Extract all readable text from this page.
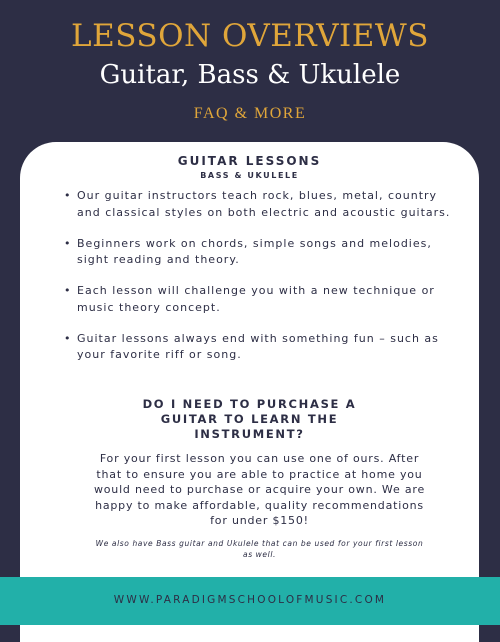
LESSON OVERVIEWS
Guitar, Bass & Ukulele
FAQ & MORE
GUITAR LESSONS
BASS & UKULELE
• Our guitar instructors teach rock, blues, metal, country and classical styles on both electric and acoustic guitars.
• Beginners work on chords, simple songs and melodies, sight reading and theory.
• Each lesson will challenge you with a new technique or music theory concept.
• Guitar lessons always end with something fun – such as your favorite riff or song.
DO I NEED TO PURCHASE A
GUITAR TO LEARN THE
INSTRUMENT?
For your first lesson you can use one of ours. After that to ensure you are able to practice at home you would need to purchase or acquire your own. We are happy to make affordable, quality recommendations for under $150!
We also have Bass guitar and Ukulele that can be used for your first lesson as well.
WWW.PARADIGMSCHOOLOFMUSIC.COM
